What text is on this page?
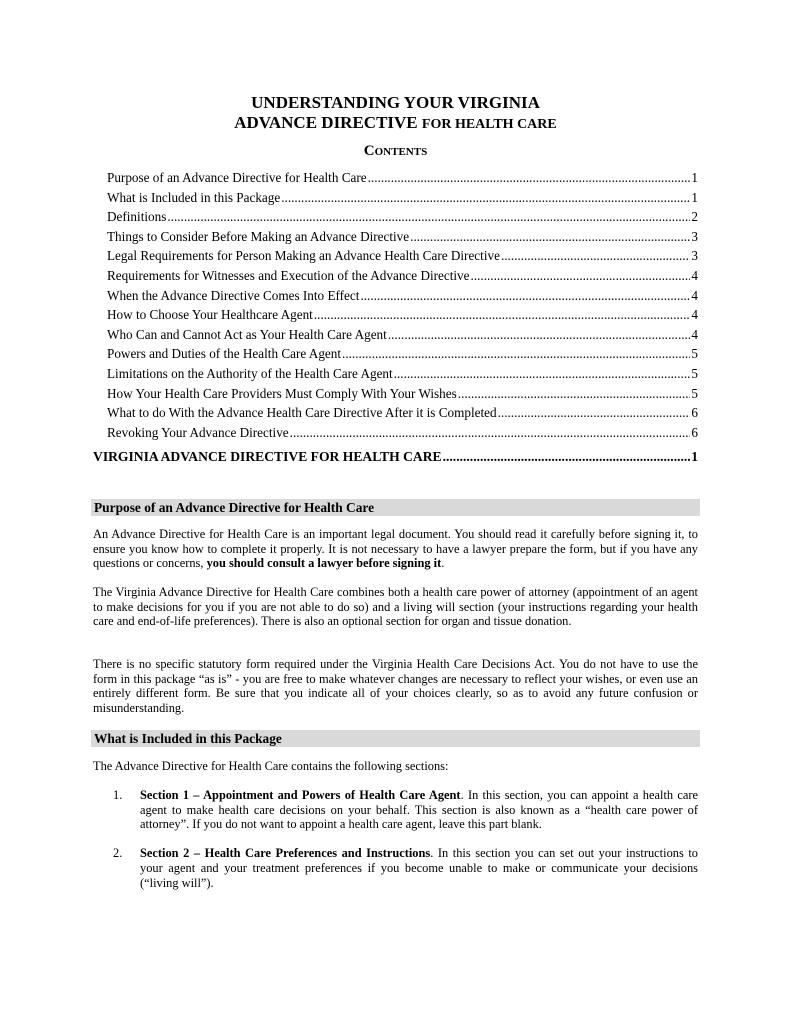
UNDERSTANDING YOUR VIRGINIA
ADVANCE DIRECTIVE FOR HEALTH CARE
Contents
Purpose of an Advance Directive for Health Care .....	1
What is Included in this Package .....	1
Definitions .....	2
Things to Consider Before Making an Advance Directive .....	3
Legal Requirements for Person Making an Advance Health Care Directive .....	3
Requirements for Witnesses and Execution of the Advance Directive .....	4
When the Advance Directive Comes Into Effect .....	4
How to Choose Your Healthcare Agent .....	4
Who Can and Cannot Act as Your Health Care Agent .....	4
Powers and Duties of the Health Care Agent .....	5
Limitations on the Authority of the Health Care Agent .....	5
How Your Health Care Providers Must Comply With Your Wishes .....	5
What to do With the Advance Health Care Directive After it is Completed .....	6
Revoking Your Advance Directive .....	6
VIRGINIA ADVANCE DIRECTIVE FOR HEALTH CARE .....	1
Purpose of an Advance Directive for Health Care
An Advance Directive for Health Care is an important legal document. You should read it carefully before signing it, to ensure you know how to complete it properly. It is not necessary to have a lawyer prepare the form, but if you have any questions or concerns, you should consult a lawyer before signing it.
The Virginia Advance Directive for Health Care combines both a health care power of attorney (appointment of an agent to make decisions for you if you are not able to do so) and a living will section (your instructions regarding your health care and end-of-life preferences). There is also an optional section for organ and tissue donation.
There is no specific statutory form required under the Virginia Health Care Decisions Act. You do not have to use the form in this package “as is” - you are free to make whatever changes are necessary to reflect your wishes, or even use an entirely different form. Be sure that you indicate all of your choices clearly, so as to avoid any future confusion or misunderstanding.
What is Included in this Package
The Advance Directive for Health Care contains the following sections:
1.	Section 1 – Appointment and Powers of Health Care Agent. In this section, you can appoint a health care agent to make health care decisions on your behalf. This section is also known as a “health care power of attorney”. If you do not want to appoint a health care agent, leave this part blank.
2.	Section 2 – Health Care Preferences and Instructions. In this section you can set out your instructions to your agent and your treatment preferences if you become unable to make or communicate your decisions (“living will”).
